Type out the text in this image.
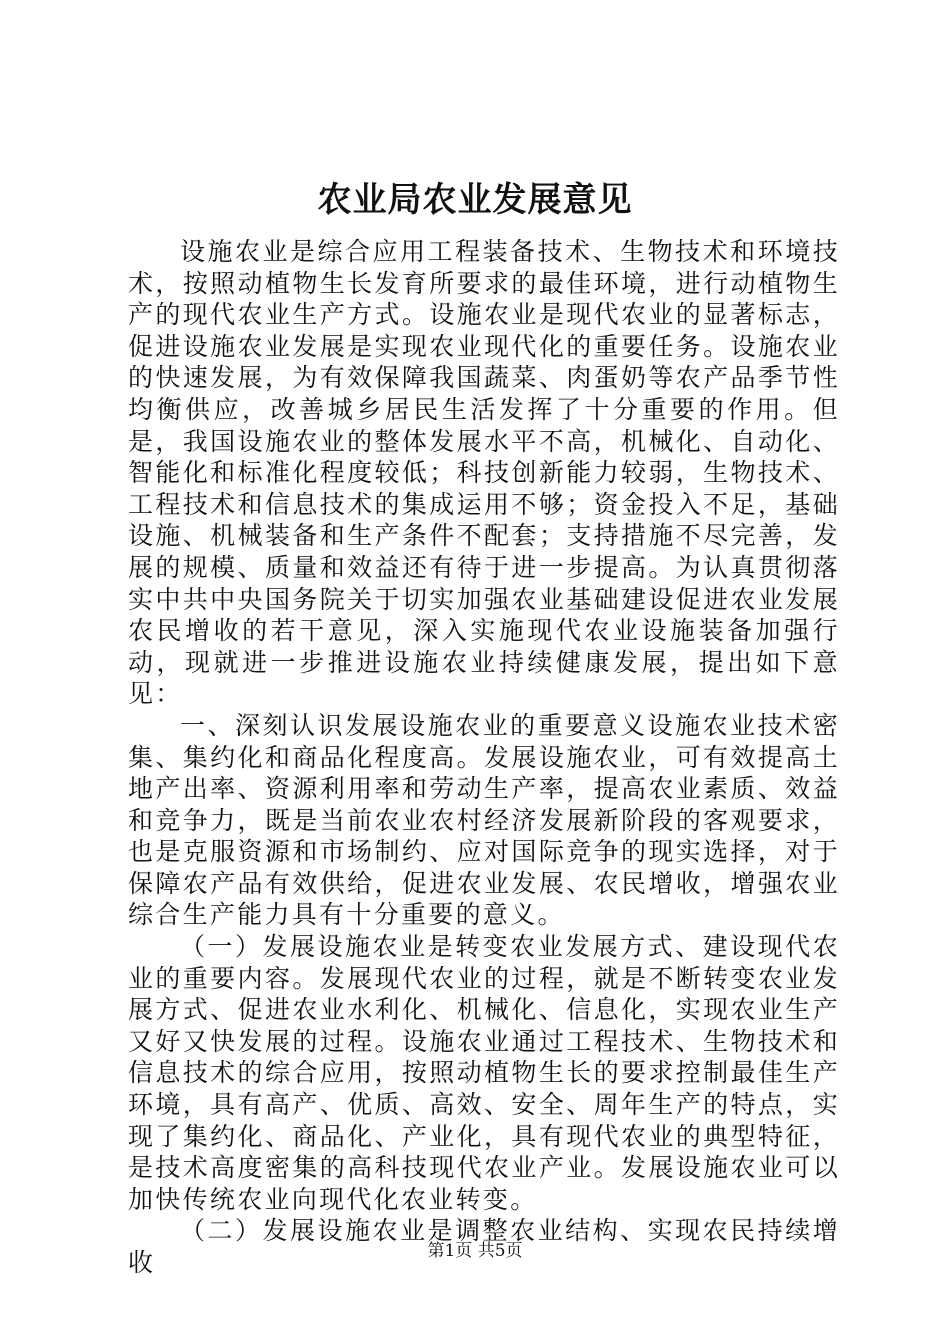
农业局农业发展意见

设施农业是综合应用工程装备技术、生物技术和环境技术，按照动植物生长发育所要求的最佳环境，进行动植物生产的现代农业生产方式。设施农业是现代农业的显著标志，促进设施农业发展是实现农业现代化的重要任务。设施农业的快速发展，为有效保障我国蔬菜、肉蛋奶等农产品季节性均衡供应，改善城乡居民生活发挥了十分重要的作用。但是，我国设施农业的整体发展水平不高，机械化、自动化、智能化和标准化程度较低；科技创新能力较弱，生物技术、工程技术和信息技术的集成运用不够；资金投入不足，基础设施、机械装备和生产条件不配套；支持措施不尽完善，发展的规模、质量和效益还有待于进一步提高。为认真贯彻落实中共中央国务院关于切实加强农业基础建设促进农业发展农民增收的若干意见，深入实施现代农业设施装备加强行动，现就进一步推进设施农业持续健康发展，提出如下意见：

一、深刻认识发展设施农业的重要意义设施农业技术密集、集约化和商品化程度高。发展设施农业，可有效提高土地产出率、资源利用率和劳动生产率，提高农业素质、效益和竞争力，既是当前农业农村经济发展新阶段的客观要求，也是克服资源和市场制约、应对国际竞争的现实选择，对于保障农产品有效供给，促进农业发展、农民增收，增强农业综合生产能力具有十分重要的意义。

（一）发展设施农业是转变农业发展方式、建设现代农业的重要内容。发展现代农业的过程，就是不断转变农业发展方式、促进农业水利化、机械化、信息化，实现农业生产又好又快发展的过程。设施农业通过工程技术、生物技术和信息技术的综合应用，按照动植物生长的要求控制最佳生产环境，具有高产、优质、高效、安全、周年生产的特点，实现了集约化、商品化、产业化，具有现代农业的典型特征，是技术高度密集的高科技现代农业产业。发展设施农业可以加快传统农业向现代化农业转变。

（二）发展设施农业是调整农业结构、实现农民持续增收	第1页 共5页
